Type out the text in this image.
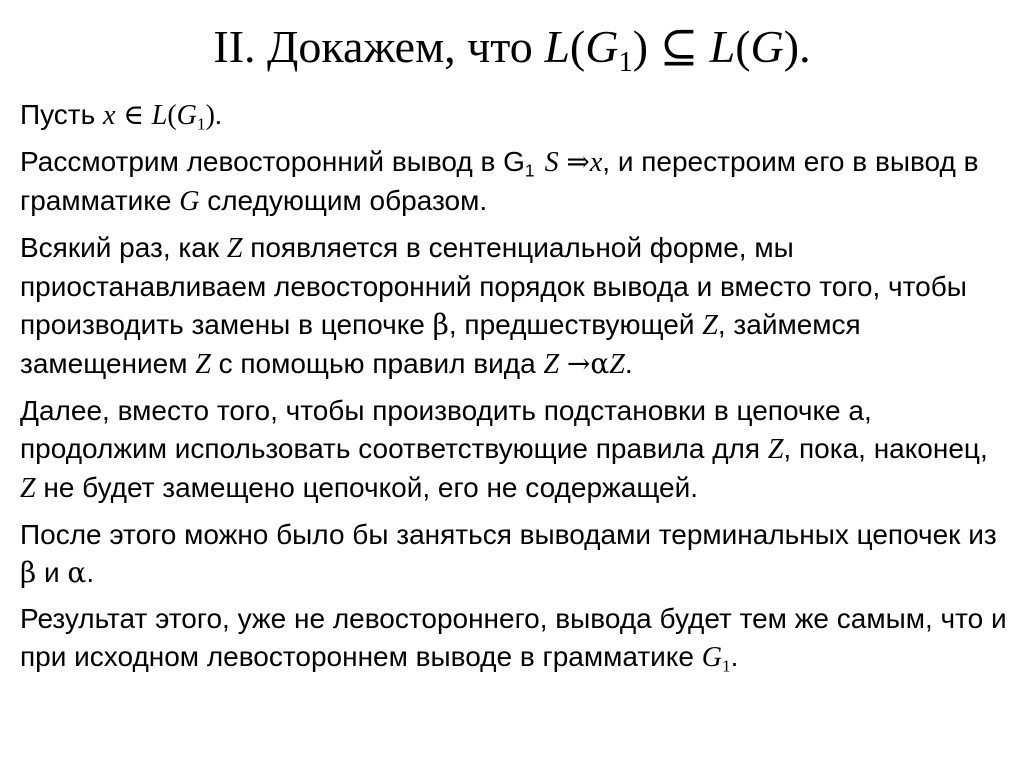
II. Докажем, что $L(G_1)$ ⊆ L(G).

Пусть x ∈ $L(G_1)$.

Рассмотрим левосторонний вывод в $G_1$ S ⇒x, и перестроим его в вывод в грамматике G следующим образом.

Всякий раз, как Z появляется в сентенциальной форме, мы приостанавливаем левосторонний порядок вывода и вместо того, чтобы производить замены в цепочке β, предшествующей Z, займемся замещением Z с помощью правил вида Z →αZ.

Далее, вместо того, чтобы производить подстановки в цепочке а, продолжим использовать соответствующие правила для Z, пока, наконец, Z не будет замещено цепочкой, его не содержащей.

После этого можно было бы заняться выводами терминальных цепочек из β и α.

Результат этого, уже не левостороннего, вывода будет тем же самым, что и при исходном левостороннем выводе в грамматике $G_1$.
